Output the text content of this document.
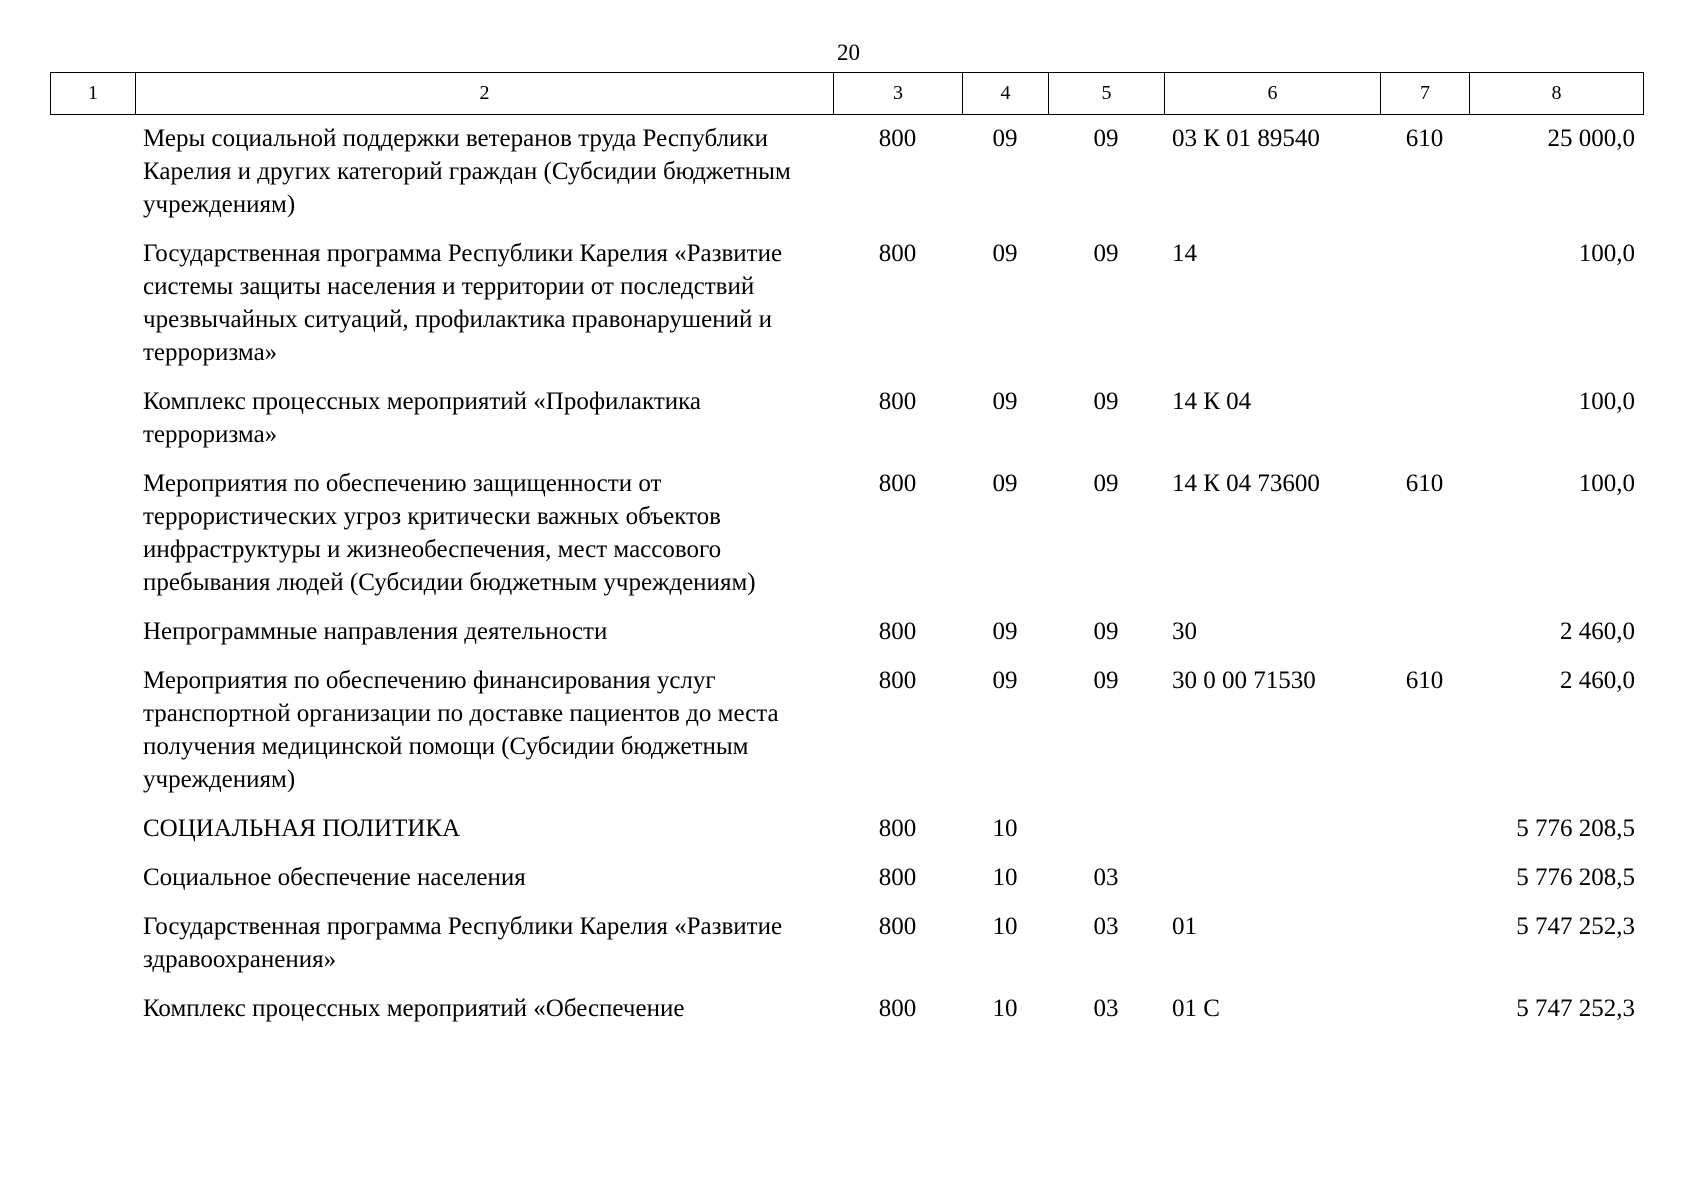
20
1	2	3	4	5	6	7	8
Меры социальной поддержки ветеранов труда Республики Карелия и других категорий граждан (Субсидии бюджетным учреждениям)	800	09	09	03 К 01 89540	610	25 000,0
Государственная программа Республики Карелия «Развитие системы защиты населения и территории от последствий чрезвычайных ситуаций, профилактика правонарушений и терроризма»	800	09	09	14		100,0
Комплекс процессных мероприятий «Профилактика терроризма»	800	09	09	14 К 04		100,0
Мероприятия по обеспечению защищенности от террористических угроз критически важных объектов инфраструктуры и жизнеобеспечения, мест массового пребывания людей (Субсидии бюджетным учреждениям)	800	09	09	14 К 04 73600	610	100,0
Непрограммные направления деятельности	800	09	09	30		2 460,0
Мероприятия по обеспечению финансирования услуг транспортной организации по доставке пациентов до места получения медицинской помощи (Субсидии бюджетным учреждениям)	800	09	09	30 0 00 71530	610	2 460,0
СОЦИАЛЬНАЯ ПОЛИТИКА	800	10				5 776 208,5
Социальное обеспечение населения	800	10	03			5 776 208,5
Государственная программа Республики Карелия «Развитие здравоохранения»	800	10	03	01		5 747 252,3
Комплекс процессных мероприятий «Обеспечение	800	10	03	01 С		5 747 252,3
